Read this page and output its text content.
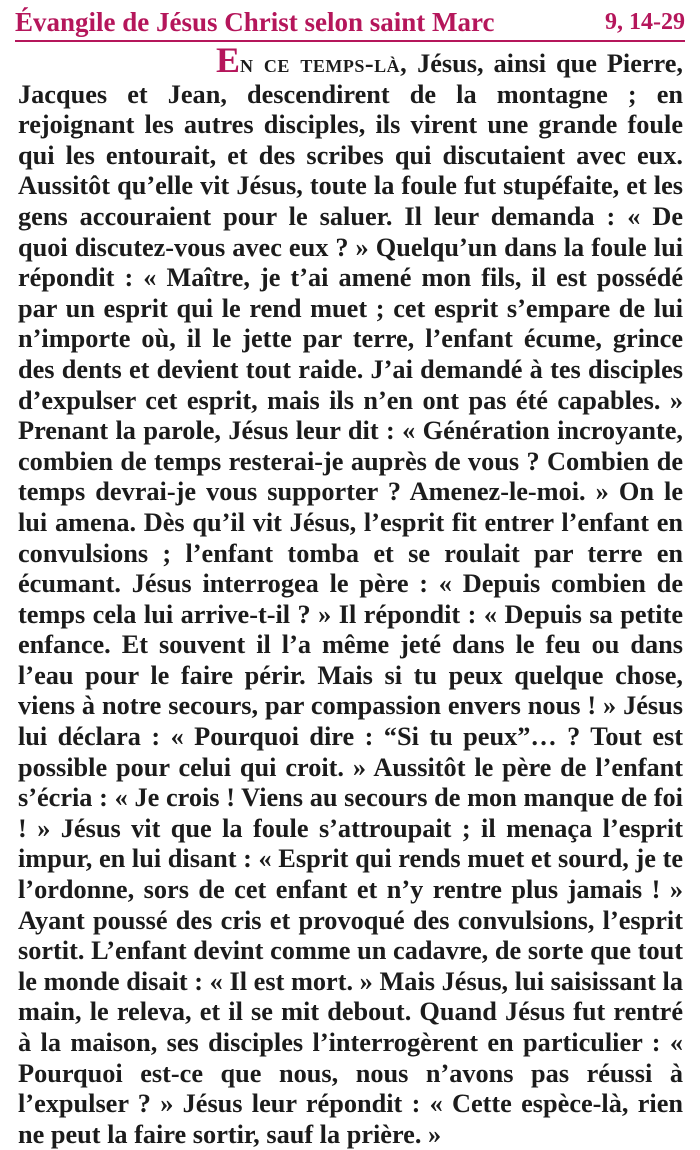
Évangile de Jésus Christ selon saint Marc	9, 14-29
En ce temps-là, Jésus, ainsi que Pierre, Jacques et Jean, descendirent de la montagne ; en rejoignant les autres disciples, ils virent une grande foule qui les entourait, et des scribes qui discutaient avec eux. Aussitôt qu’elle vit Jésus, toute la foule fut stupéfaite, et les gens accouraient pour le saluer. Il leur demanda : « De quoi discutez-vous avec eux ? » Quelqu’un dans la foule lui répondit : « Maître, je t’ai amené mon fils, il est possédé par un esprit qui le rend muet ; cet esprit s’empare de lui n’importe où, il le jette par terre, l’enfant écume, grince des dents et devient tout raide. J’ai demandé à tes disciples d’expulser cet esprit, mais ils n’en ont pas été capables. » Prenant la parole, Jésus leur dit : « Génération incroyante, combien de temps resterai-je auprès de vous ? Combien de temps devrai-je vous supporter ? Amenez-le-moi. » On le lui amena. Dès qu’il vit Jésus, l’esprit fit entrer l’enfant en convulsions ; l’enfant tomba et se roulait par terre en écumant. Jésus interrogea le père : « Depuis combien de temps cela lui arrive-t-il ? » Il répondit : « Depuis sa petite enfance. Et souvent il l’a même jeté dans le feu ou dans l’eau pour le faire périr. Mais si tu peux quelque chose, viens à notre secours, par compassion envers nous ! » Jésus lui déclara : « Pourquoi dire : “Si tu peux”… ? Tout est possible pour celui qui croit. » Aussitôt le père de l’enfant s’écria : « Je crois ! Viens au secours de mon manque de foi ! » Jésus vit que la foule s’attroupait ; il menaça l’esprit impur, en lui disant : « Esprit qui rends muet et sourd, je te l’ordonne, sors de cet enfant et n’y rentre plus jamais ! » Ayant poussé des cris et provoqué des convulsions, l’esprit sortit. L’enfant devint comme un cadavre, de sorte que tout le monde disait : « Il est mort. » Mais Jésus, lui saisissant la main, le releva, et il se mit debout. Quand Jésus fut rentré à la maison, ses disciples l’interrogèrent en particulier : « Pourquoi est-ce que nous, nous n’avons pas réussi à l’expulser ? » Jésus leur répondit : « Cette espèce-là, rien ne peut la faire sortir, sauf la prière. »
